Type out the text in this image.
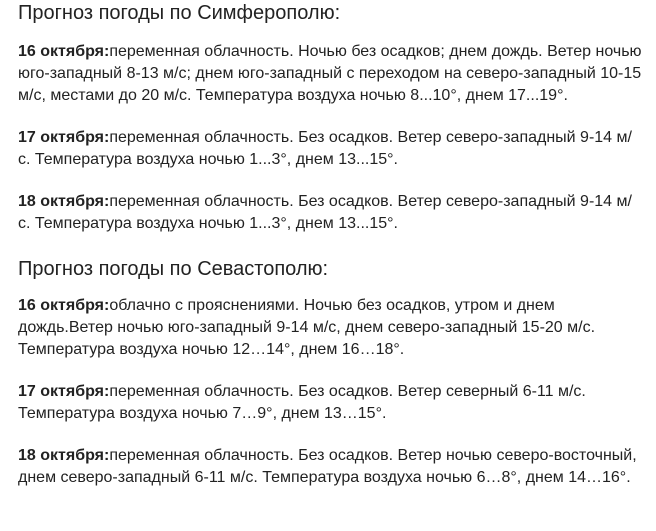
Прогноз погоды по Симферополю:

16 октября:переменная облачность. Ночью без осадков; днем дождь. Ветер ночью юго-западный 8-13 м/с; днем юго-западный с переходом на северо-западный 10-15 м/с, местами до 20 м/с. Температура воздуха ночью 8...10°, днем 17...19°.

17 октября:переменная облачность. Без осадков. Ветер северо-западный 9-14 м/с. Температура воздуха ночью 1...3°, днем 13...15°.

18 октября:переменная облачность. Без осадков. Ветер северо-западный 9-14 м/с. Температура воздуха ночью 1...3°, днем 13...15°.

Прогноз погоды по Севастополю:

16 октября:облачно с прояснениями. Ночью без осадков, утром и днем дождь.Ветер ночью юго-западный 9-14 м/с, днем северо-западный 15-20 м/с. Температура воздуха ночью 12…14°, днем 16…18°.

17 октября:переменная облачность. Без осадков. Ветер северный 6-11 м/с. Температура воздуха ночью 7…9°, днем 13…15°.

18 октября:переменная облачность. Без осадков. Ветер ночью северо-восточный, днем северо-западный 6-11 м/с. Температура воздуха ночью 6…8°, днем 14…16°.
